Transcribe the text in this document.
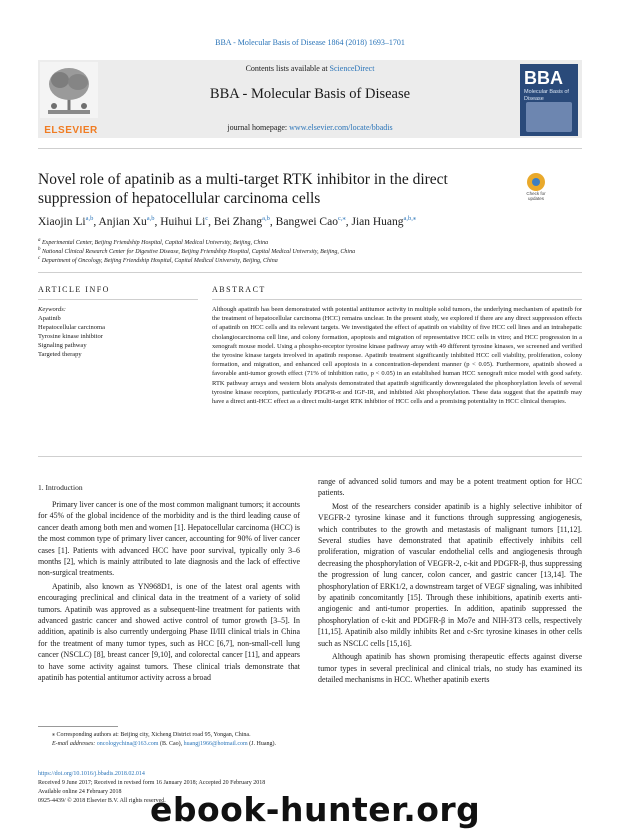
BBA - Molecular Basis of Disease 1864 (2018) 1693–1701
ELSEVIER
Contents lists available at ScienceDirect
BBA - Molecular Basis of Disease
journal homepage: www.elsevier.com/locate/bbadis
BBA
Molecular Basis of Disease
Novel role of apatinib as a multi-target RTK inhibitor in the direct suppression of hepatocellular carcinoma cells	Check for updates
Xiaojin Li$^{a,b}$, Anjian Xu$^{a,b}$, Huihui Li$^c$, Bei Zhang$^{a,b}$, Bangwei Cao$^{c,⁎}$, Jian Huang$^{a,b,⁎}$
$^a$ Experimental Center, Beijing Friendship Hospital, Capital Medical University, Beijing, China
$^b$ National Clinical Research Center for Digestive Disease, Beijing Friendship Hospital, Capital Medical University, Beijing, China
$^c$ Department of Oncology, Beijing Friendship Hospital, Capital Medical University, Beijing, China
ARTICLE INFO	ABSTRACT
Keywords:
Apatinib
Hepatocellular carcinoma
Tyrosine kinase inhibitor
Signaling pathway
Targeted therapy
Although apatinib has been demonstrated with potential antitumor activity in multiple solid tumors, the underlying mechanism of apatinib for the treatment of hepatocellular carcinoma (HCC) remains unclear. In the present study, we explored if there are any direct suppression effects of apatinib on HCC cells and its relevant targets. We investigated the effect of apatinib on viability of five HCC cell lines and an intrahepatic cholangiocarcinoma cell line, and colony formation, apoptosis and migration of representative HCC cells in vitro; and HCC progression in a xenograft mouse model. Using a phospho-receptor tyrosine kinase pathway array with 49 different tyrosine kinases, we screened and verified the tyrosine kinase targets involved in apatinib response. Apatinib treatment significantly inhibited HCC cell viability, proliferation, colony formation, and migration, and enhanced cell apoptosis in a concentration-dependent manner (p < 0.05). Furthermore, apatinib showed a favorable anti-tumor growth effect (71% of inhibition ratio, p < 0.05) in an established human HCC xenograft mice model with good safety. RTK pathway arrays and western blots analysis demonstrated that apatinib significantly downregulated the phosphorylation levels of several tyrosine kinase receptors, particularly PDGFR-α and IGF-IR, and inhibited Akt phosphorylation. These data suggest that the apatinib may have a direct anti-HCC effect as a direct multi-target RTK inhibitor of HCC cells and a promising potentiality in HCC clinical therapies.
1. Introduction

Primary liver cancer is one of the most common malignant tumors; it accounts for 45% of the global incidence of the morbidity and is the third leading cause of cancer death among both men and women [1]. Hepatocellular carcinoma (HCC) is the most common type of primary liver cancer, accounting for 90% of liver cancer cases [1]. Patients with advanced HCC have poor survival, typically only 3–6 months [2], which is mainly attributed to late diagnosis and the lack of effective non-surgical treatments.

Apatinib, also known as YN968D1, is one of the latest oral agents with encouraging preclinical and clinical data in the treatment of a variety of solid tumors. Apatinib was approved as a subsequent-line treatment for patients with advanced gastric cancer and showed active control of tumor growth [3–5]. In addition, apatinib is also currently undergoing Phase II/III clinical trials in China for the treatment of many tumor types, such as HCC [6,7], non-small-cell lung cancer (NSCLC) [8], breast cancer [9,10], and colorectal cancer [11], and appears to have some activity against tumors. These clinical trials demonstrate that apatinib has potential antitumor activity across a broad

range of advanced solid tumors and may be a potent treatment option for HCC patients.

Most of the researchers consider apatinib is a highly selective inhibitor of VEGFR-2 tyrosine kinase and it functions through suppressing angiogenesis, which contributes to the growth and metastasis of malignant tumors [11,12]. Several studies have demonstrated that apatinib effectively inhibits cell proliferation, migration of vascular endothelial cells and angiogenesis through decreasing the phosphorylation of VEGFR-2, c-kit and PDGFR-β, thus suppressing the progression of lung cancer, colon cancer, and gastric cancer [13,14]. The phosphorylation of ERK1/2, a downstream target of VEGF signaling, was inhibited by apatinib concomitantly [15]. Through these inhibitions, apatinib exerts anti-angiogenic and anti-tumor properties. In addition, apatinib suppressed the phosphorylation of c-kit and PDGFR-β in Mo7e and NIH-3T3 cells, respectively [11,15]. Apatinib also mildly inhibits Ret and c-Src tyrosine kinases in other cells such as NSCLC cells [15,16].

Although apatinib has shown promising therapeutic effects against diverse tumor types in several preclinical and clinical trials, no study has examined its detailed mechanisms in HCC. Whether apatinib exerts

⁎ Corresponding authors at: Beijing city, Xicheng District road 95, Yongan, China.
E-mail addresses: oncologychina@163.com (B. Cao), huangj1966@hotmail.com (J. Huang).
https://doi.org/10.1016/j.bbadis.2018.02.014
Received 9 June 2017; Received in revised form 16 January 2018; Accepted 20 February 2018
Available online 24 February 2018
0925-4439/ © 2018 Elsevier B.V. All rights reserved.
ebook-hunter.org
